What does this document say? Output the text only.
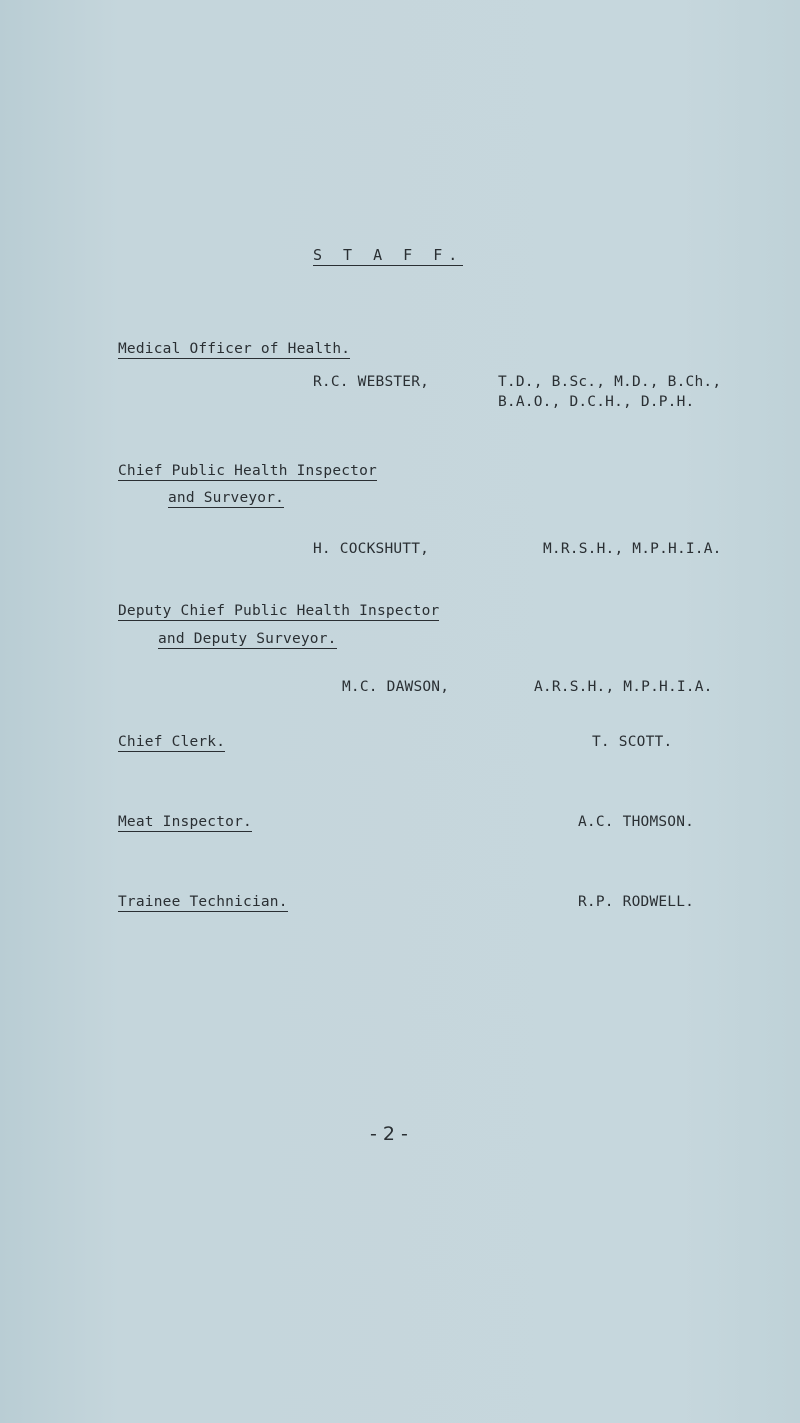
S T A F F.
Medical Officer of Health.
R.C. WEBSTER,	T.D., B.Sc., M.D., B.Ch.,
B.A.O., D.C.H., D.P.H.
Chief Public Health Inspector
and Surveyor.
H. COCKSHUTT,	M.R.S.H., M.P.H.I.A.
Deputy Chief Public Health Inspector
and Deputy Surveyor.
M.C. DAWSON,	A.R.S.H., M.P.H.I.A.
Chief Clerk.	T. SCOTT.
Meat Inspector.	A.C. THOMSON.
Trainee Technician.	R.P. RODWELL.
- 2 -
